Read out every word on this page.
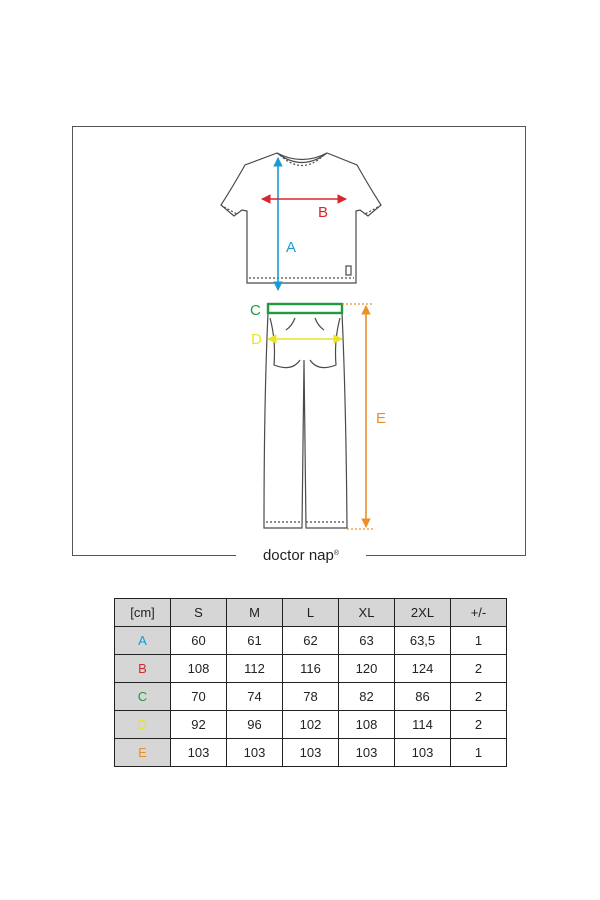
A
B
C
D
E
doctor nap®
[cm]	S	M	L	XL	2XL	+/-
A	60	61	62	63	63,5	1
B	108	112	116	120	124	2
C	70	74	78	82	86	2
D	92	96	102	108	114	2
E	103	103	103	103	103	1
